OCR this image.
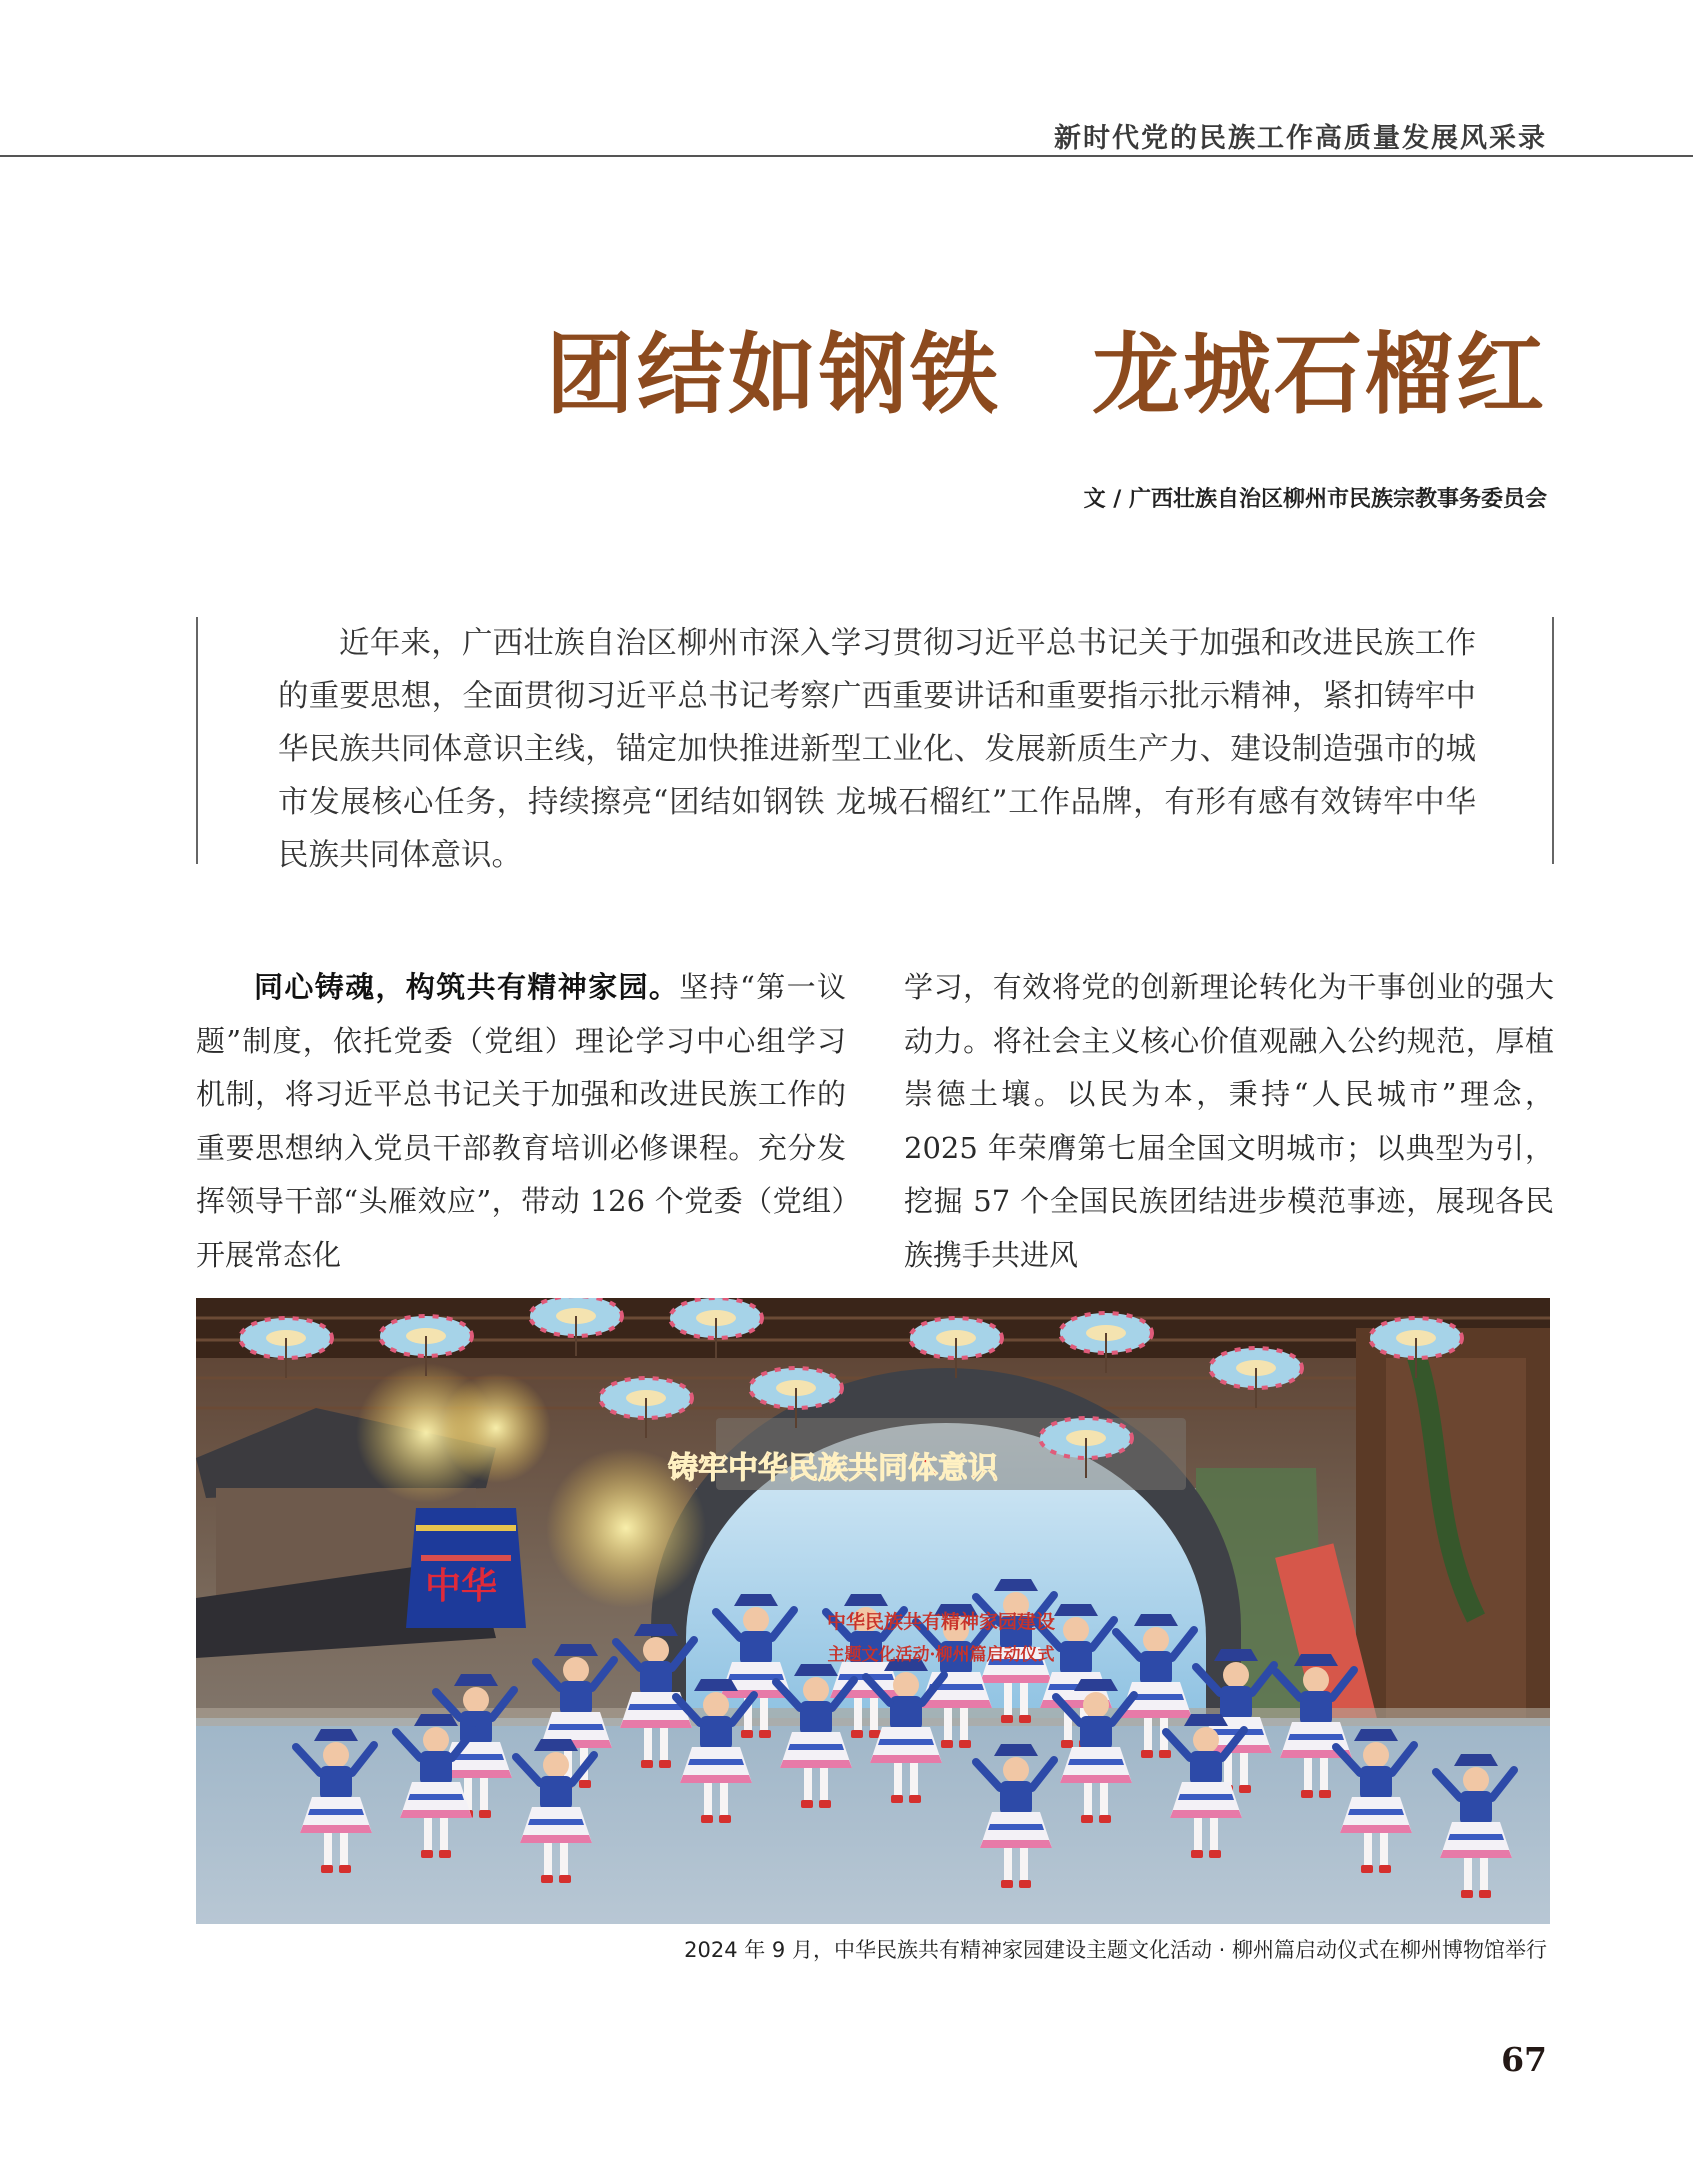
新时代党的民族工作高质量发展风采录
团结如钢铁　龙城石榴红
文 / 广西壮族自治区柳州市民族宗教事务委员会

近年来，广西壮族自治区柳州市深入学习贯彻习近平总书记关于加强和改进民族工作的重要思想，全面贯彻习近平总书记考察广西重要讲话和重要指示批示精神，紧扣铸牢中华民族共同体意识主线，锚定加快推进新型工业化、发展新质生产力、建设制造强市的城市发展核心任务，持续擦亮“团结如钢铁 龙城石榴红”工作品牌，有形有感有效铸牢中华民族共同体意识。

同心铸魂，构筑共有精神家园。坚持“第一议题”制度，依托党委（党组）理论学习中心组学习机制，将习近平总书记关于加强和改进民族工作的重要思想纳入党员干部教育培训必修课程。充分发挥领导干部“头雁效应”，带动 126 个党委（党组）开展常态化

学习，有效将党的创新理论转化为干事创业的强大动力。将社会主义核心价值观融入公约规范，厚植崇德土壤。以民为本，秉持“人民城市”理念，2025 年荣膺第七届全国文明城市；以典型为引，挖掘 57 个全国民族团结进步模范事迹，展现各民族携手共进风

铸牢中华民族共同体意识
中华民族共有精神家园建设
主题文化活动·柳州篇启动仪式
中华
2024 年 9 月，中华民族共有精神家园建设主题文化活动 · 柳州篇启动仪式在柳州博物馆举行
67
